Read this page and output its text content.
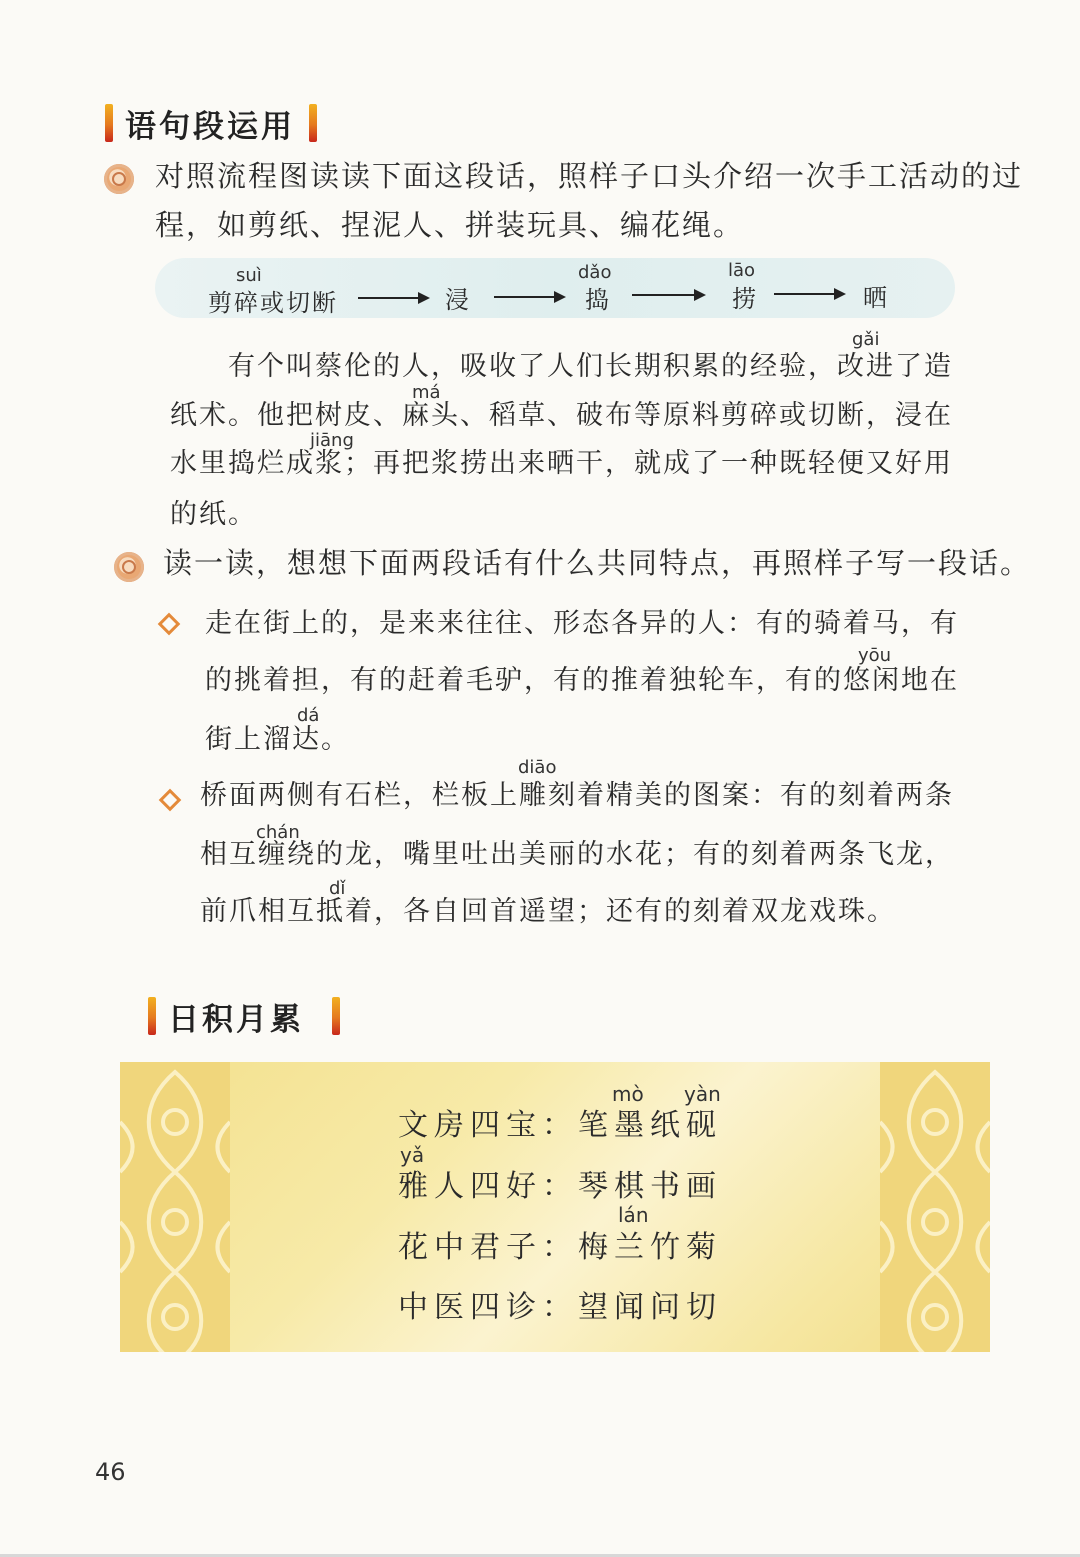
语句段运用
对照流程图读读下面这段话，照样子口头介绍一次手工活动的过
程，如剪纸、捏泥人、拼装玩具、编花绳。
suì	dǎo	lāo
剪碎或切断	浸	捣	捞	晒
gǎi
有个叫蔡伦的人，吸收了人们长期积累的经验，改进了造
má
纸术。他把树皮、麻头、稻草、破布等原料剪碎或切断，浸在
jiāng
水里捣烂成浆；再把浆捞出来晒干，就成了一种既轻便又好用
的纸。
读一读，想想下面两段话有什么共同特点，再照样子写一段话。
走在街上的，是来来往往、形态各异的人：有的骑着马，有
yōu
的挑着担，有的赶着毛驴，有的推着独轮车，有的悠闲地在
dá
街上溜达。
diāo
桥面两侧有石栏，栏板上雕刻着精美的图案：有的刻着两条
chán
相互缠绕的龙，嘴里吐出美丽的水花；有的刻着两条飞龙，
dǐ
前爪相互抵着，各自回首遥望；还有的刻着双龙戏珠。
日积月累
mò yàn
文房四宝：笔墨纸砚
yǎ
雅人四好：琴棋书画
lán
花中君子：梅兰竹菊
中医四诊：望闻问切
46
